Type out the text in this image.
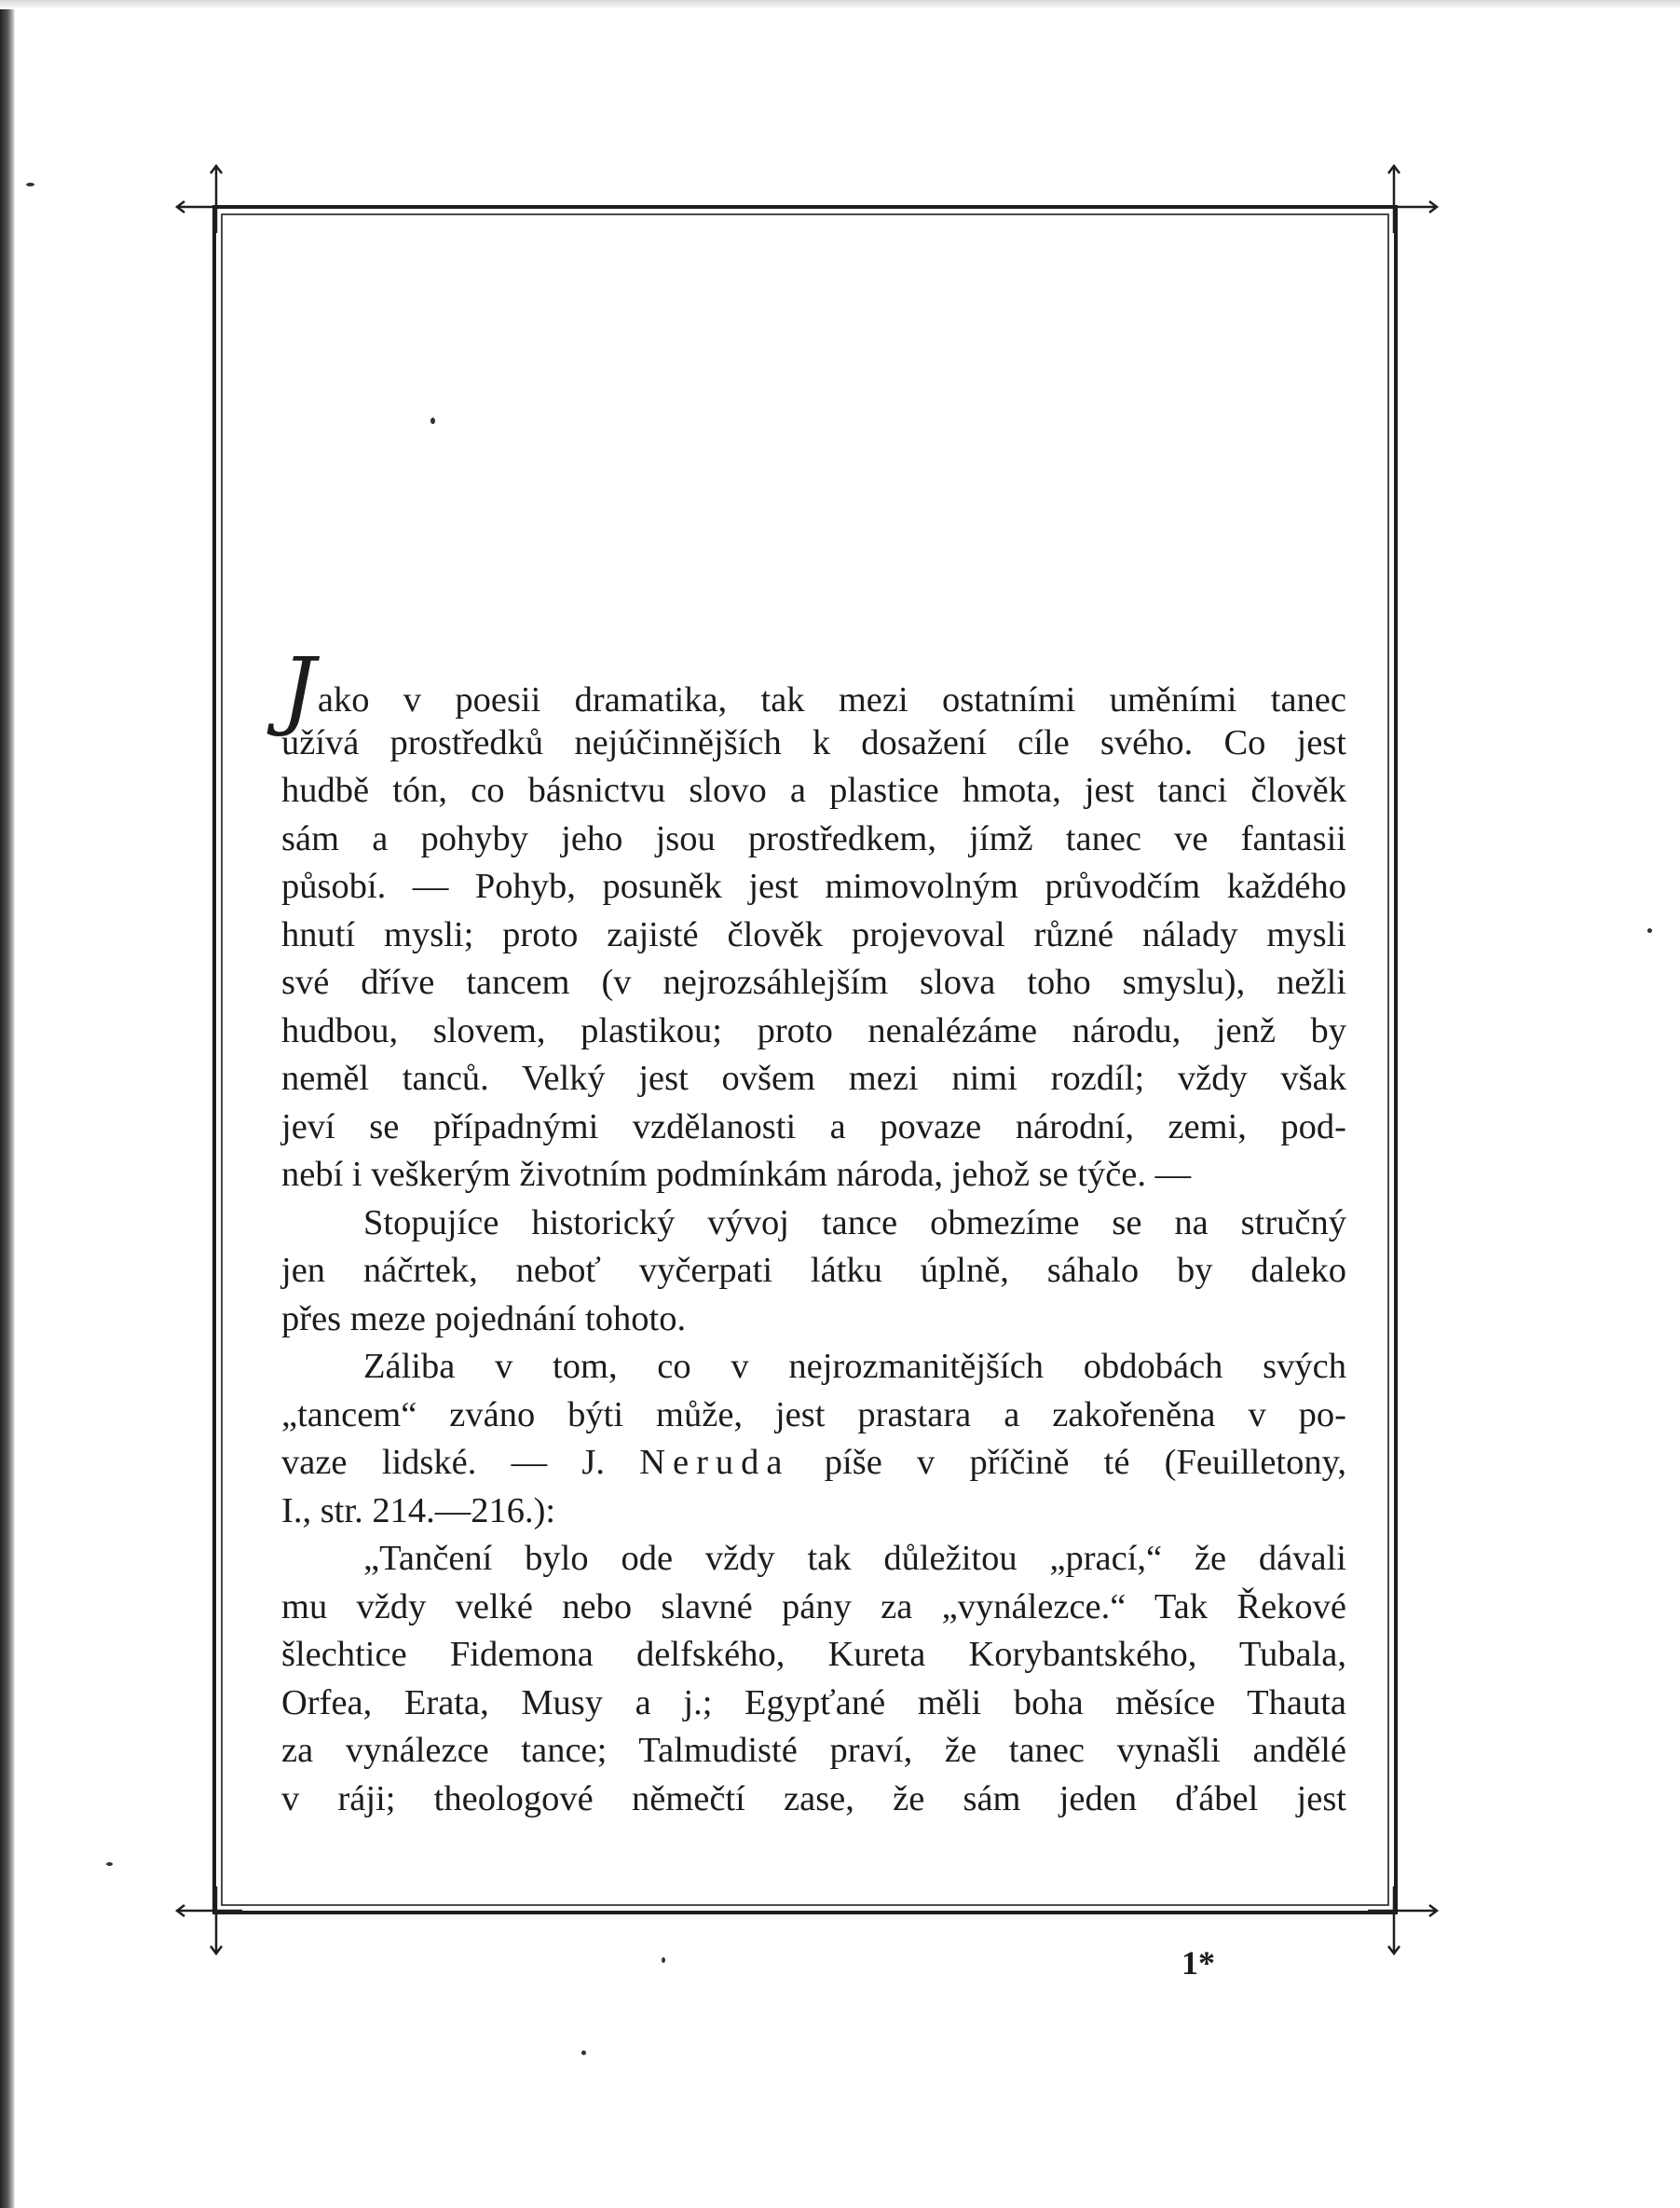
Jako v poesii dramatika, tak mezi ostatními uměními tanec
užívá prostředků nejúčinnějších k dosažení cíle svého. Co jest
hudbě tón, co básnictvu slovo a plastice hmota, jest tanci člověk
sám a pohyby jeho jsou prostředkem, jímž tanec ve fantasii
působí. — Pohyb, posuněk jest mimovolným průvodčím každého
hnutí mysli; proto zajisté člověk projevoval různé nálady mysli
své dříve tancem (v nejrozsáhlejším slova toho smyslu), nežli
hudbou, slovem, plastikou; proto nenalézáme národu, jenž by
neměl tanců. Velký jest ovšem mezi nimi rozdíl; vždy však
jeví se případnými vzdělanosti a povaze národní, zemi, pod-
nebí i veškerým životním podmínkám národa, jehož se týče. —
Stopujíce historický vývoj tance obmezíme se na stručný
jen náčrtek, neboť vyčerpati látku úplně, sáhalo by daleko
přes meze pojednání tohoto.
Záliba v tom, co v nejrozmanitějších obdobách svých
„tancem“ zváno býti může, jest prastara a zakořeněna v po-
vaze lidské. — J. Neruda píše v příčině té (Feuilletony,
I., str. 214.—216.):
„Tančení bylo ode vždy tak důležitou „prací,“ že dávali
mu vždy velké nebo slavné pány za „vynálezce.“ Tak Řekové
šlechtice Fidemona delfského, Kureta Korybantského, Tubala,
Orfea, Erata, Musy a j.; Egypťané měli boha měsíce Thauta
za vynálezce tance; Talmudisté praví, že tanec vynašli andělé
v ráji; theologové němečtí zase, že sám jeden ďábel jest
1*
